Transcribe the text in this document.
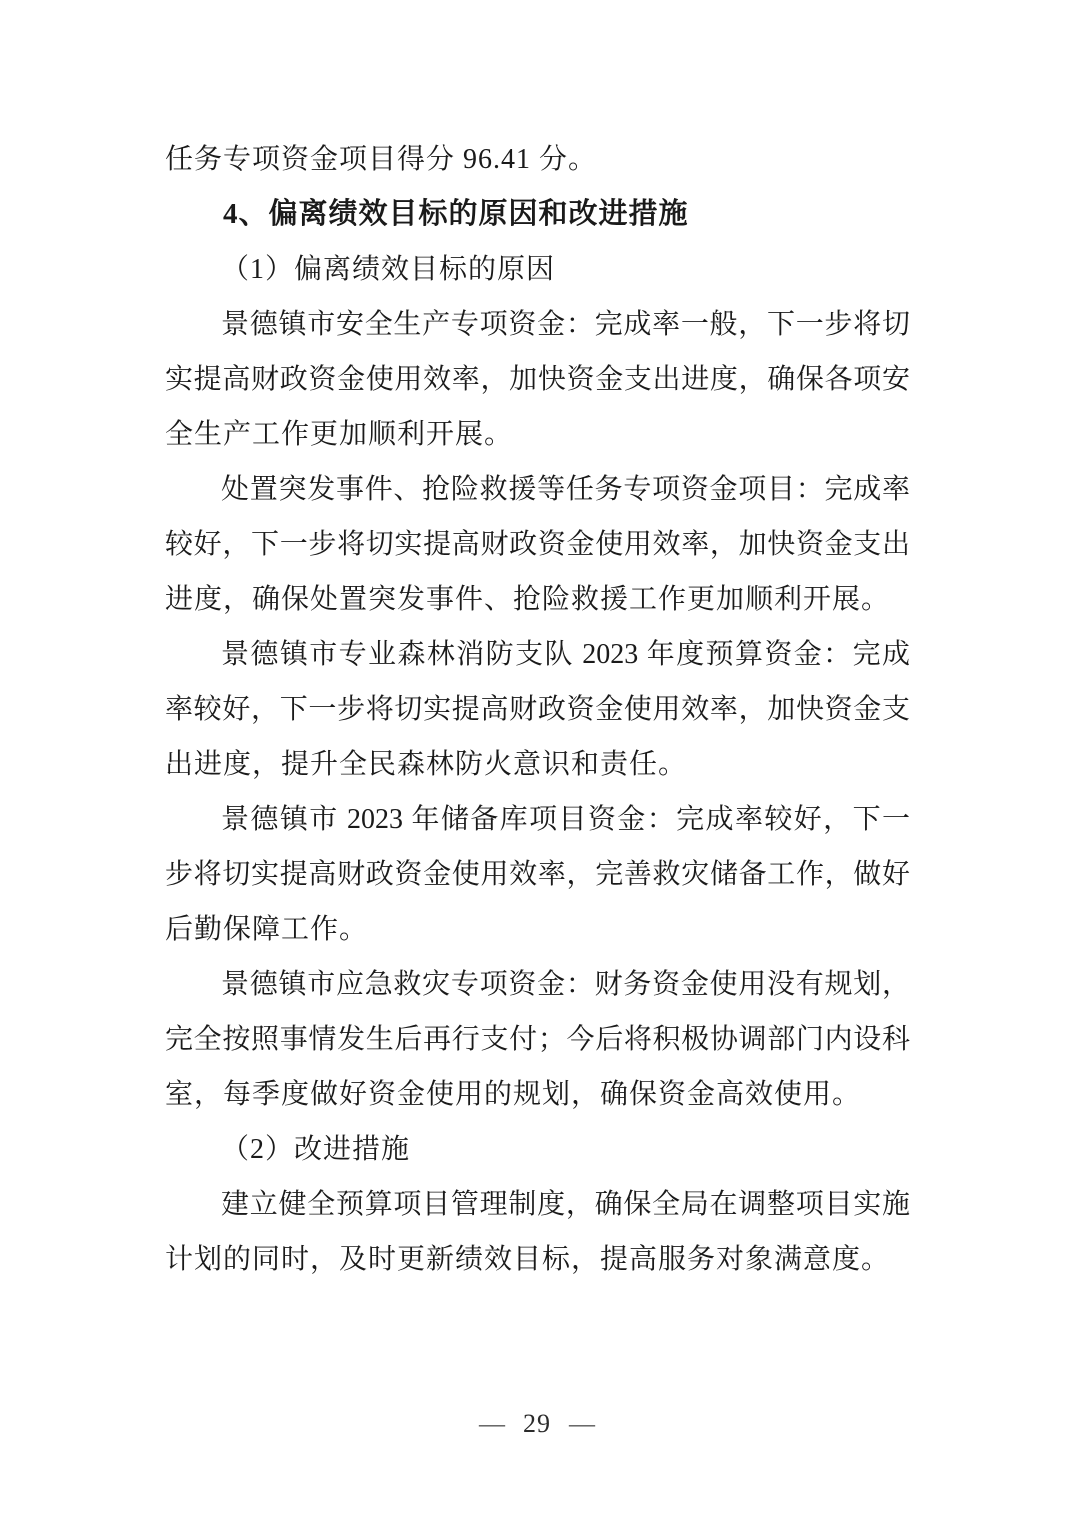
任务专项资金项目得分 96.41 分。
4、偏离绩效目标的原因和改进措施
（1）偏离绩效目标的原因
景德镇市安全生产专项资金：完成率一般，下一步将切
实提高财政资金使用效率，加快资金支出进度，确保各项安
全生产工作更加顺利开展。
处置突发事件、抢险救援等任务专项资金项目：完成率
较好，下一步将切实提高财政资金使用效率，加快资金支出
进度，确保处置突发事件、抢险救援工作更加顺利开展。
景德镇市专业森林消防支队 2023 年度预算资金：完成
率较好，下一步将切实提高财政资金使用效率，加快资金支
出进度，提升全民森林防火意识和责任。
景德镇市 2023 年储备库项目资金：完成率较好，下一
步将切实提高财政资金使用效率，完善救灾储备工作，做好
后勤保障工作。
景德镇市应急救灾专项资金：财务资金使用没有规划，
完全按照事情发生后再行支付；今后将积极协调部门内设科
室，每季度做好资金使用的规划，确保资金高效使用。
（2）改进措施
建立健全预算项目管理制度，确保全局在调整项目实施
计划的同时，及时更新绩效目标，提高服务对象满意度。
— 29 —
